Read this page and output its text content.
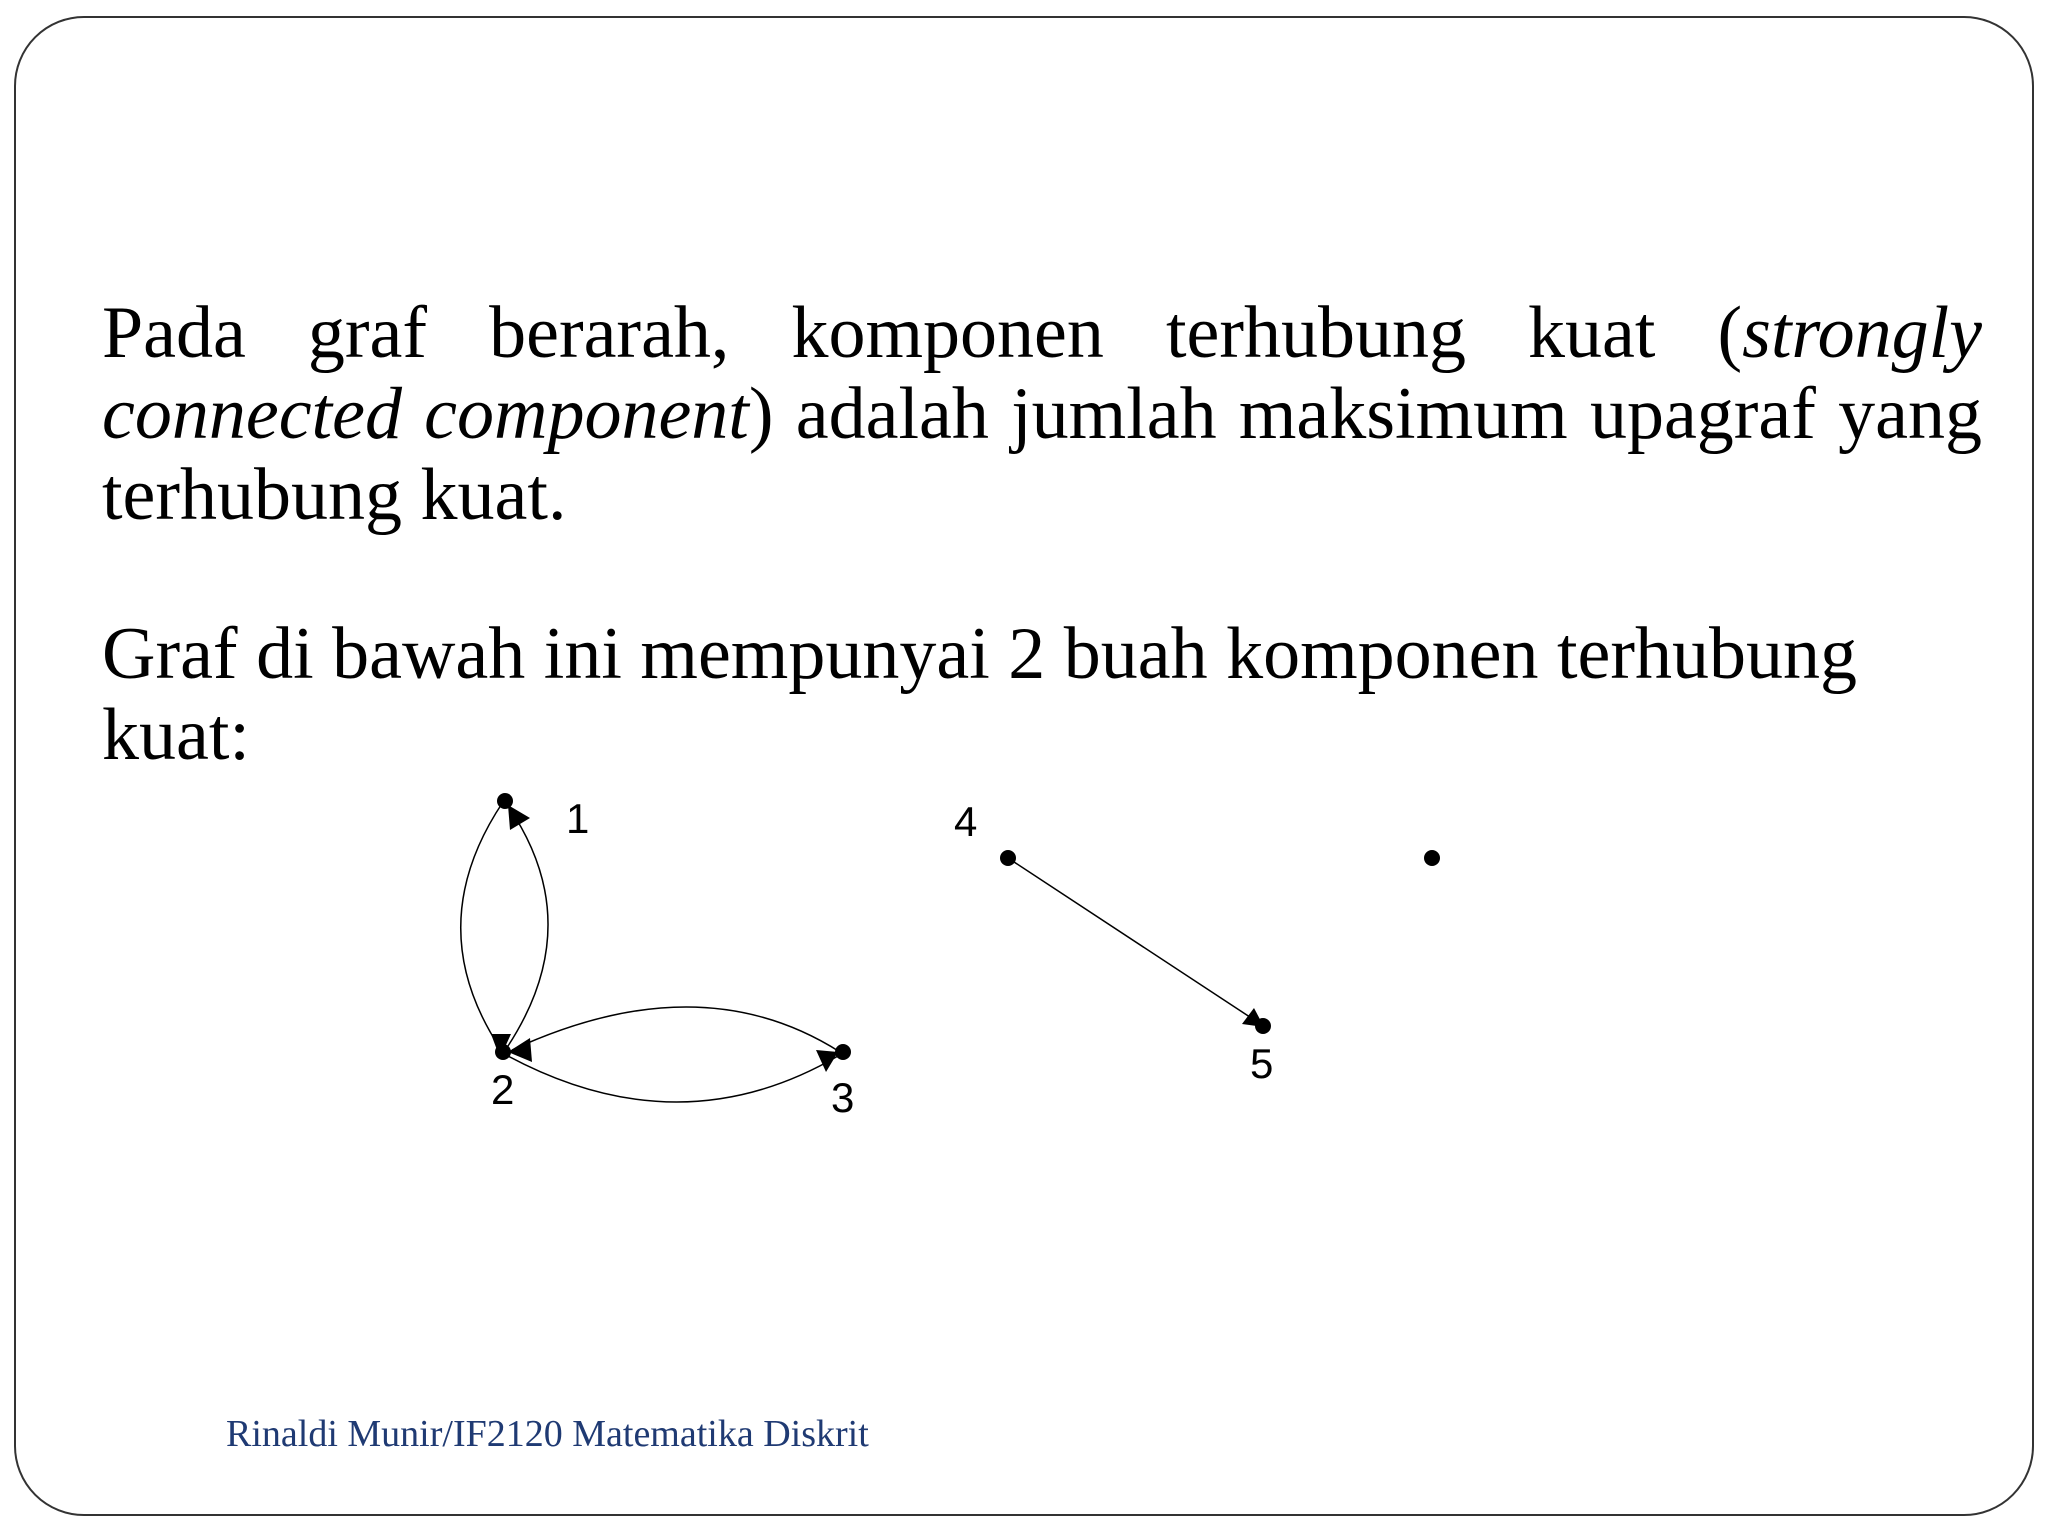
Pada graf berarah, komponen terhubung kuat (strongly connected component) adalah jumlah maksimum upagraf yang terhubung kuat.
Graf di bawah ini mempunyai 2 buah komponen terhubung kuat:
1
2	3
4
5
Rinaldi Munir/IF2120 Matematika Diskrit
